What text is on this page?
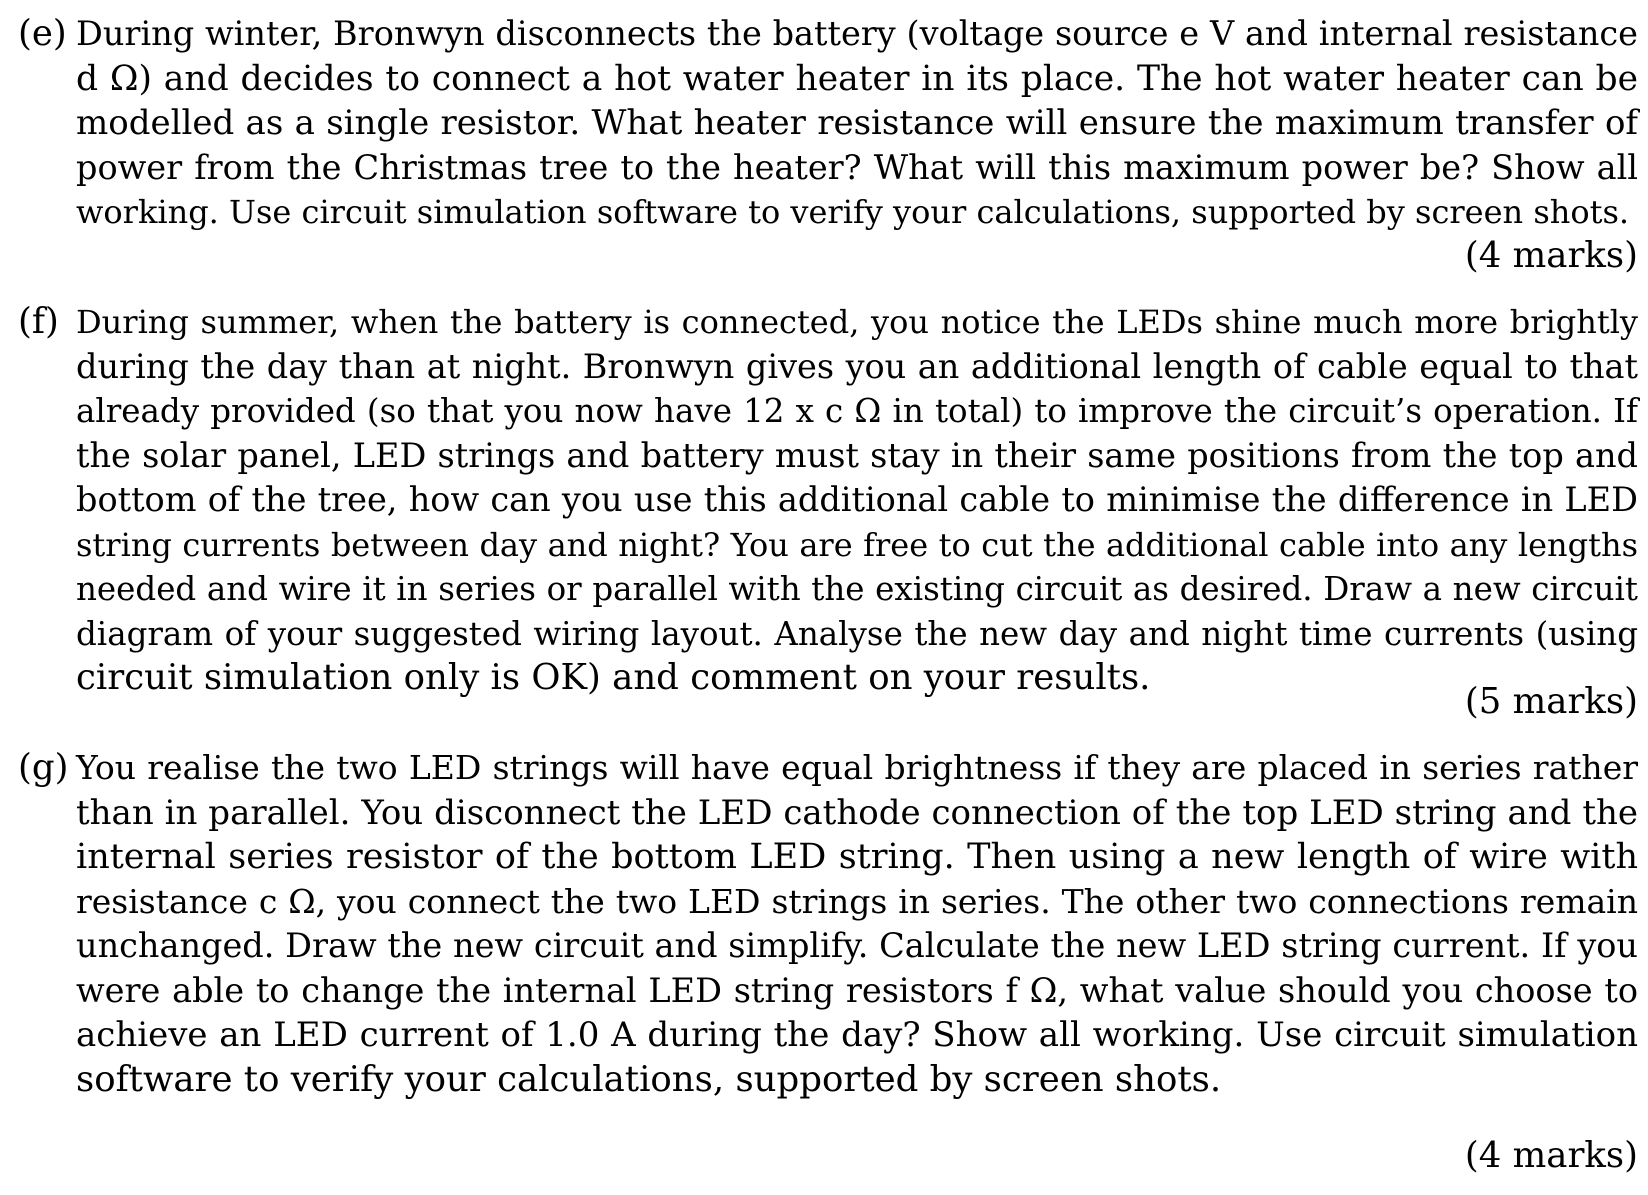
(e) During winter, Bronwyn disconnects the battery (voltage source e V and internal resistance
d Ω) and decides to connect a hot water heater in its place. The hot water heater can be
modelled as a single resistor. What heater resistance will ensure the maximum transfer of
power from the Christmas tree to the heater? What will this maximum power be? Show all
working. Use circuit simulation software to verify your calculations, supported by screen shots.
(4 marks)
(f) During summer, when the battery is connected, you notice the LEDs shine much more brightly
during the day than at night. Bronwyn gives you an additional length of cable equal to that
already provided (so that you now have 12 x c Ω in total) to improve the circuit’s operation. If
the solar panel, LED strings and battery must stay in their same positions from the top and
bottom of the tree, how can you use this additional cable to minimise the difference in LED
string currents between day and night? You are free to cut the additional cable into any lengths
needed and wire it in series or parallel with the existing circuit as desired. Draw a new circuit
diagram of your suggested wiring layout. Analyse the new day and night time currents (using
circuit simulation only is OK) and comment on your results.
(5 marks)
(g) You realise the two LED strings will have equal brightness if they are placed in series rather
than in parallel. You disconnect the LED cathode connection of the top LED string and the
internal series resistor of the bottom LED string. Then using a new length of wire with
resistance c Ω, you connect the two LED strings in series. The other two connections remain
unchanged. Draw the new circuit and simplify. Calculate the new LED string current. If you
were able to change the internal LED string resistors f Ω, what value should you choose to
achieve an LED current of 1.0 A during the day? Show all working. Use circuit simulation
software to verify your calculations, supported by screen shots.
(4 marks)
